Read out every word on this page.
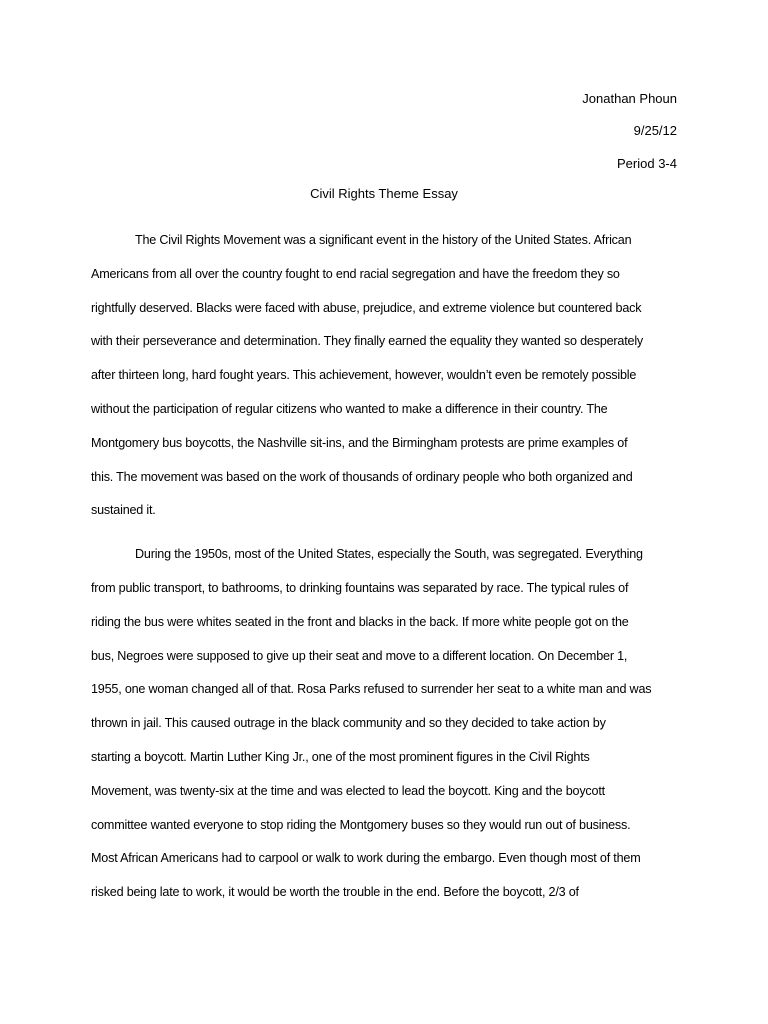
Jonathan Phoun
9/25/12
Period 3-4
Civil Rights Theme Essay
The Civil Rights Movement was a significant event in the history of the United States. African
Americans from all over the country fought to end racial segregation and have the freedom they so
rightfully deserved. Blacks were faced with abuse, prejudice, and extreme violence but countered back
with their perseverance and determination. They finally earned the equality they wanted so desperately
after thirteen long, hard fought years. This achievement, however, wouldn’t even be remotely possible
without the participation of regular citizens who wanted to make a difference in their country. The
Montgomery bus boycotts, the Nashville sit-ins, and the Birmingham protests are prime examples of
this. The movement was based on the work of thousands of ordinary people who both organized and
sustained it.
During the 1950s, most of the United States, especially the South, was segregated. Everything
from public transport, to bathrooms, to drinking fountains was separated by race. The typical rules of
riding the bus were whites seated in the front and blacks in the back. If more white people got on the
bus, Negroes were supposed to give up their seat and move to a different location. On December 1,
1955, one woman changed all of that. Rosa Parks refused to surrender her seat to a white man and was
thrown in jail. This caused outrage in the black community and so they decided to take action by
starting a boycott. Martin Luther King Jr., one of the most prominent figures in the Civil Rights
Movement, was twenty-six at the time and was elected to lead the boycott. King and the boycott
committee wanted everyone to stop riding the Montgomery buses so they would run out of business.
Most African Americans had to carpool or walk to work during the embargo. Even though most of them
risked being late to work, it would be worth the trouble in the end. Before the boycott, 2/3 of
